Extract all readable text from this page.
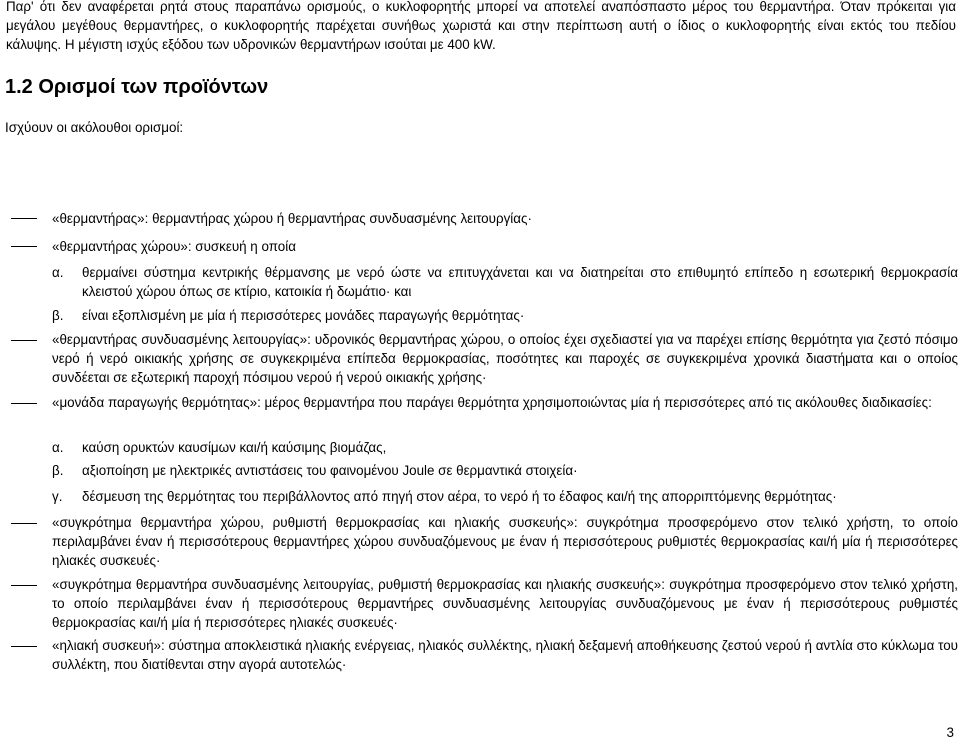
Παρ' ότι δεν αναφέρεται ρητά στους παραπάνω ορισμούς, ο κυκλοφορητής μπορεί να αποτελεί αναπόσπαστο μέρος του θερμαντήρα. Όταν πρόκειται για μεγάλου μεγέθους θερμαντήρες, ο κυκλοφορητής παρέχεται συνήθως χωριστά και στην περίπτωση αυτή ο ίδιος ο κυκλοφορητής είναι εκτός του πεδίου κάλυψης. Η μέγιστη ισχύς εξόδου των υδρονικών θερμαντήρων ισούται με 400 kW.

1.2 Ορισμοί των προϊόντων

Ισχύουν οι ακόλουθοι ορισμοί:

«θερμαντήρας»: θερμαντήρας χώρου ή θερμαντήρας συνδυασμένης λειτουργίας·
«θερμαντήρας χώρου»: συσκευή η οποία
α. θερμαίνει σύστημα κεντρικής θέρμανσης με νερό ώστε να επιτυγχάνεται και να διατηρείται στο επιθυμητό επίπεδο η εσωτερική θερμοκρασία κλειστού χώρου όπως σε κτίριο, κατοικία ή δωμάτιο· και
β. είναι εξοπλισμένη με μία ή περισσότερες μονάδες παραγωγής θερμότητας·
«θερμαντήρας συνδυασμένης λειτουργίας»: υδρονικός θερμαντήρας χώρου, ο οποίος έχει σχεδιαστεί για να παρέχει επίσης θερμότητα για ζεστό πόσιμο νερό ή νερό οικιακής χρήσης σε συγκεκριμένα επίπεδα θερμοκρασίας, ποσότητες και παροχές σε συγκεκριμένα χρονικά διαστήματα και ο οποίος συνδέεται σε εξωτερική παροχή πόσιμου νερού ή νερού οικιακής χρήσης·
«μονάδα παραγωγής θερμότητας»: μέρος θερμαντήρα που παράγει θερμότητα χρησιμοποιώντας μία ή περισσότερες από τις ακόλουθες διαδικασίες:
α. καύση ορυκτών καυσίμων και/ή καύσιμης βιομάζας,
β. αξιοποίηση με ηλεκτρικές αντιστάσεις του φαινομένου Joule σε θερμαντικά στοιχεία·
γ. δέσμευση της θερμότητας του περιβάλλοντος από πηγή στον αέρα, το νερό ή το έδαφος και/ή της απορριπτόμενης θερμότητας·
«συγκρότημα θερμαντήρα χώρου, ρυθμιστή θερμοκρασίας και ηλιακής συσκευής»: συγκρότημα προσφερόμενο στον τελικό χρήστη, το οποίο περιλαμβάνει έναν ή περισσότερους θερμαντήρες χώρου συνδυαζόμενους με έναν ή περισσότερους ρυθμιστές θερμοκρασίας και/ή μία ή περισσότερες ηλιακές συσκευές·
«συγκρότημα θερμαντήρα συνδυασμένης λειτουργίας, ρυθμιστή θερμοκρασίας και ηλιακής συσκευής»: συγκρότημα προσφερόμενο στον τελικό χρήστη, το οποίο περιλαμβάνει έναν ή περισσότερους θερμαντήρες συνδυασμένης λειτουργίας συνδυαζόμενους με έναν ή περισσότερους ρυθμιστές θερμοκρασίας και/ή μία ή περισσότερες ηλιακές συσκευές·
«ηλιακή συσκευή»: σύστημα αποκλειστικά ηλιακής ενέργειας, ηλιακός συλλέκτης, ηλιακή δεξαμενή αποθήκευσης ζεστού νερού ή αντλία στο κύκλωμα του συλλέκτη, που διατίθενται στην αγορά αυτοτελώς·
3
